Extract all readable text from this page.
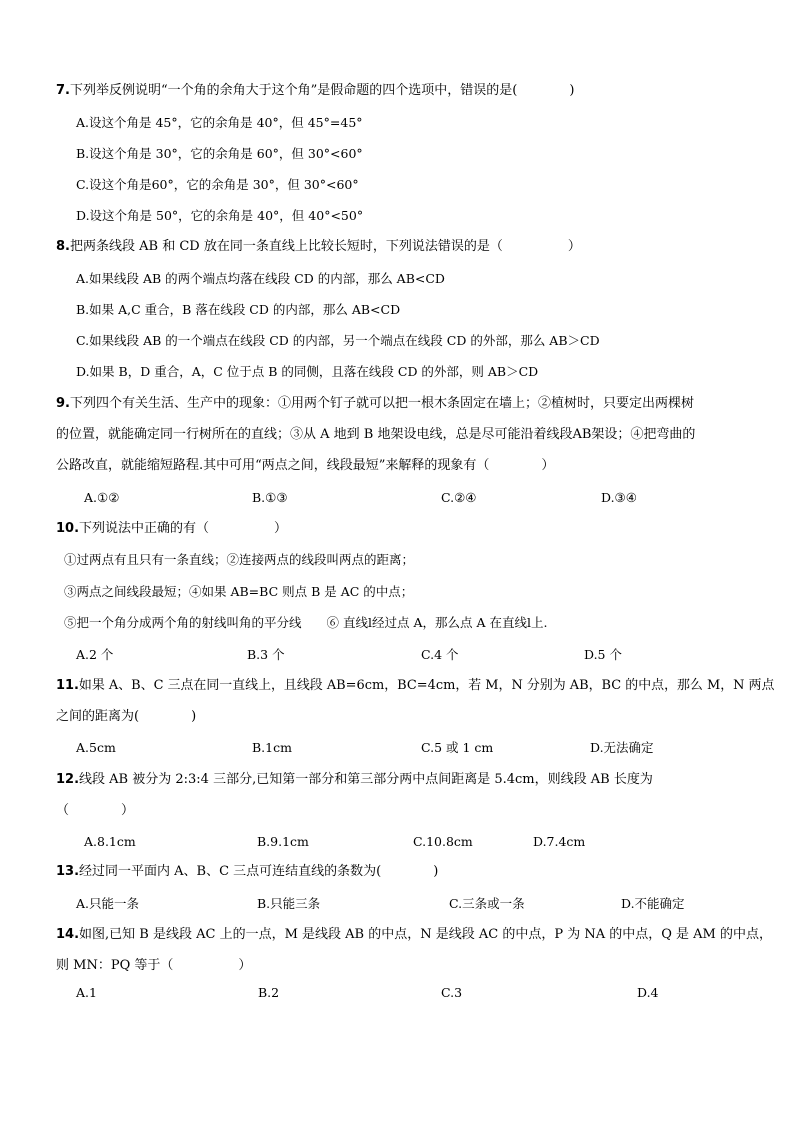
7.下列举反例说明“一个角的余角大于这个角”是假命题的四个选项中，错误的是(　　　　)
A.设这个角是 45°，它的余角是 40°，但 45°=45°
B.设这个角是 30°，它的余角是 60°，但 30°<60°
C.设这个角是60°，它的余角是 30°，但 30°<60°
D.设这个角是 50°，它的余角是 40°，但 40°<50°
8.把两条线段 AB 和 CD 放在同一条直线上比较长短时，下列说法错误的是（　　　　　）
A.如果线段 AB 的两个端点均落在线段 CD 的内部，那么 AB<CD
B.如果 A,C 重合，B 落在线段 CD 的内部，那么 AB<CD
C.如果线段 AB 的一个端点在线段 CD 的内部，另一个端点在线段 CD 的外部，那么 AB＞CD
D.如果 B，D 重合，A，C 位于点 B 的同侧，且落在线段 CD 的外部，则 AB＞CD
9.下列四个有关生活、生产中的现象：①用两个钉子就可以把一根木条固定在墙上；②植树时，只要定出两棵树
的位置，就能确定同一行树所在的直线；③从 A 地到 B 地架设电线，总是尽可能沿着线段AB架设；④把弯曲的
公路改直，就能缩短路程.其中可用“两点之间，线段最短”来解释的现象有（　　　　）
A.①②	B.①③	C.②④	D.③④
10.下列说法中正确的有（　　　　　）
①过两点有且只有一条直线；②连接两点的线段叫两点的距离；
③两点之间线段最短；④如果 AB=BC 则点 B 是 AC 的中点；
⑤把一个角分成两个角的射线叫角的平分线　　⑥ 直线l经过点 A，那么点 A 在直线l上.
A.2 个	B.3 个	C.4 个	D.5 个
11.如果 A、B、C 三点在同一直线上，且线段 AB=6cm，BC=4cm，若 M，N 分别为 AB，BC 的中点，那么 M，N 两点
之间的距离为(　　　　)
A.5cm	B.1cm	C.5 或 1 cm	D.无法确定
12.线段 AB 被分为 2:3:4 三部分,已知第一部分和第三部分两中点间距离是 5.4cm，则线段 AB 长度为
（　　　　）
A.8.1cm	B.9.1cm	C.10.8cm	D.7.4cm
13.经过同一平面内 A、B、C 三点可连结直线的条数为(　　　　)
A.只能一条	B.只能三条	C.三条或一条	D.不能确定
14.如图,已知 B 是线段 AC 上的一点，M 是线段 AB 的中点，N 是线段 AC 的中点，P 为 NA 的中点，Q 是 AM 的中点，
则 MN：PQ 等于（　　　　　）
A.1	B.2	C.3	D.4
